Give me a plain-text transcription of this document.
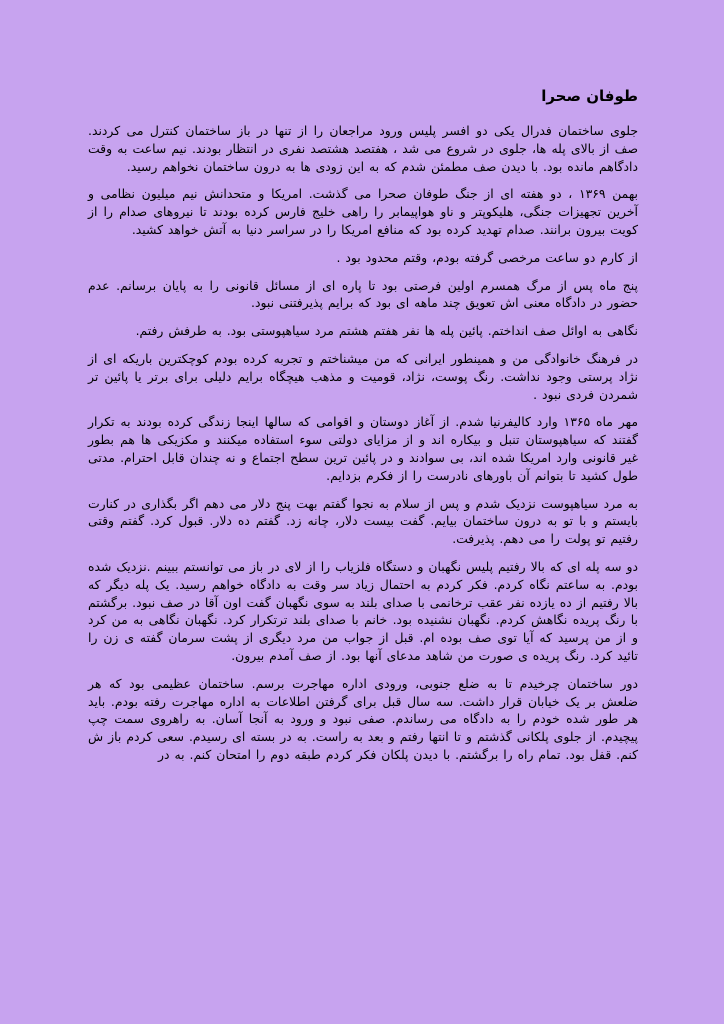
طوفان صحرا

جلوی ساختمان فدرال یکی دو افسر پلیس ورود مراجعان را از تنها در باز ساختمان کنترل می کردند. صف از بالای پله ها، جلوی در شروع می شد ، هفتصد هشتصد نفری در انتظار بودند. نیم ساعت به وقت دادگاهم مانده بود. با دیدن صف مطمئن شدم که به این زودی ها به درون ساختمان نخواهم رسید.

بهمن ۱۳۶۹ ، دو هفته ای از جنگ طوفان صحرا می گذشت. امریکا و متحدانش نیم میلیون نظامی و آخرین تجهیزات جنگی، هلیکوپتر و ناو هواپیمابر را راهی خلیج فارس کرده بودند تا نیروهای صدام را از کویت بیرون برانند. صدام تهدید کرده بود که منافع امریکا را در سراسر دنیا به آتش خواهد کشید.

از کارم دو ساعت مرخصی گرفته بودم، وقتم محدود بود .

پنج ماه پس از مرگ همسرم اولین فرصتی بود تا پاره ای از مسائل قانونی را به پایان برسانم. عدم حضور در دادگاه معنی اش تعویق چند ماهه ای بود که برایم پذیرفتنی نبود.

نگاهی به اوائل صف انداختم. پائین پله ها نفر هفتم هشتم مرد سیاهپوستی بود. به طرفش رفتم.

در فرهنگ خانوادگی من و همینطور ایرانی که من میشناختم و تجربه کرده بودم کوچکترین باریکه ای از نژاد پرستی وجود نداشت. رنگ پوست، نژاد، قومیت و مذهب هیچگاه برایم دلیلی برای برتر یا پائین تر شمردن فردی نبود .

مهر ماه ۱۳۶۵ وارد کالیفرنیا شدم. از آغاز دوستان و اقوامی که سالها اینجا زندگی کرده بودند به تکرار گفتند که سیاهپوستان تنبل و بیکاره اند و از مزایای دولتی سوء استفاده میکنند و مکزیکی ها هم بطور غیر قانونی وارد امریکا شده اند، بی سوادند و در پائین ترین سطح اجتماع و نه چندان قابل احترام. مدتی طول کشید تا بتوانم آن باورهای نادرست را از فکرم بزدایم.

به مرد سیاهپوست نزدیک شدم و پس از سلام به نجوا گفتم بهت پنج دلار می دهم اگر بگذاری در کنارت بایستم و با تو به درون ساختمان بیایم. گفت بیست دلار، چانه زد. گفتم ده دلار. قبول کرد. گفتم وقتی رفتیم تو پولت را می دهم. پذیرفت.

دو سه پله ای که بالا رفتیم پلیس نگهبان و دستگاه فلزیاب را از لای در باز می توانستم ببینم .نزدیک شده بودم. به ساعتم نگاه کردم. فکر کردم به احتمال زیاد سر وقت به دادگاه خواهم رسید. یک پله دیگر که بالا رفتیم از ده یازده نفر عقب ترخانمی با صدای بلند به سوی نگهبان گفت اون آقا در صف نبود. برگشتم با رنگ پریده نگاهش کردم. نگهبان نشنیده بود. خانم با صدای بلند ترتکرار کرد. نگهبان نگاهی به من کرد و از من پرسید که آیا توی صف بوده ام. قبل از جواب من مرد دیگری از پشت سرمان گفته ی زن را تائید کرد. رنگ پریده ی صورت من شاهد مدعای آنها بود. از صف آمدم بیرون.

دور ساختمان چرخیدم تا به ضلع جنوبی، ورودی اداره مهاجرت برسم. ساختمان عظیمی بود که هر ضلعش بر یک خیابان قرار داشت. سه سال قبل برای گرفتن اطلاعات به اداره مهاجرت رفته بودم. باید هر طور شده خودم را به دادگاه می رساندم. صفی نبود و ورود به آنجا آسان. به راهروی سمت چپ پیچیدم. از جلوی پلکانی گذشتم و تا انتها رفتم و بعد به راست. به در بسته ای رسیدم. سعی کردم باز ش کنم. قفل بود. تمام راه را برگشتم. با دیدن پلکان فکر کردم طبقه دوم را امتحان کنم. به در
